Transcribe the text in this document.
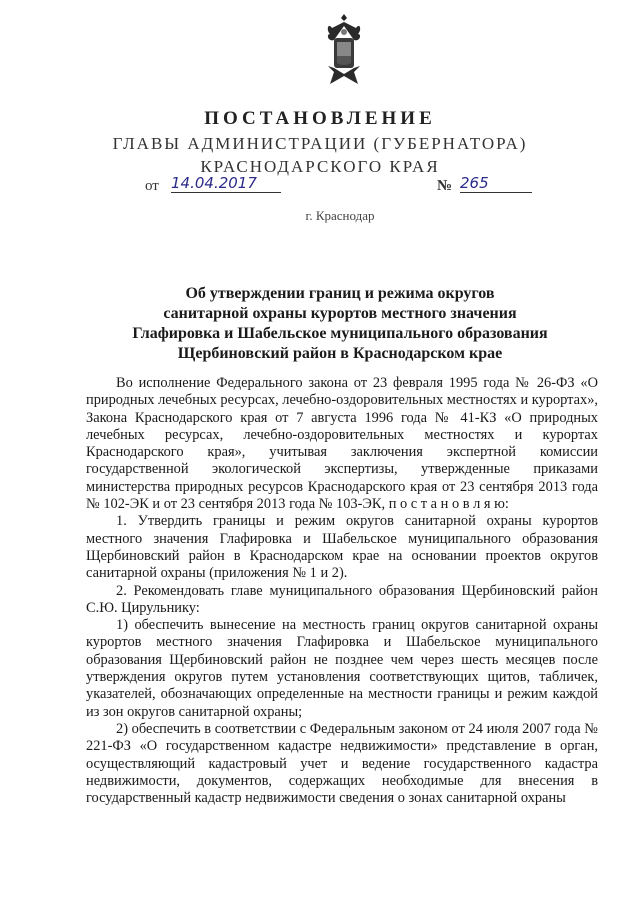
ПОСТАНОВЛЕНИЕ
ГЛАВЫ АДМИНИСТРАЦИИ (ГУБЕРНАТОРА)
КРАСНОДАРСКОГО КРАЯ
от 14.04.2017	№ 265
г. Краснодар
Об утверждении границ и режима округов
санитарной охраны курортов местного значения
Глафировка и Шабельское муниципального образования
Щербиновский район в Краснодарском крае

Во исполнение Федерального закона от 23 февраля 1995 года № 26-ФЗ «О природных лечебных ресурсах, лечебно-оздоровительных местностях и курортах», Закона Краснодарского края от 7 августа 1996 года № 41-КЗ «О природных лечебных ресурсах, лечебно-оздоровительных местностях и курортах Краснодарского края», учитывая заключения экспертной комиссии государственной экологической экспертизы, утвержденные приказами министерства природных ресурсов Краснодарского края от 23 сентября 2013 года № 102-ЭК и от 23 сентября 2013 года № 103-ЭК, п о с т а н о в л я ю:

1. Утвердить границы и режим округов санитарной охраны курортов местного значения Глафировка и Шабельское муниципального образования Щербиновский район в Краснодарском крае на основании проектов округов санитарной охраны (приложения № 1 и 2).

2. Рекомендовать главе муниципального образования Щербиновский район С.Ю. Цирульнику:

1) обеспечить вынесение на местность границ округов санитарной охраны курортов местного значения Глафировка и Шабельское муниципального образования Щербиновский район не позднее чем через шесть месяцев после утверждения округов путем установления соответствующих щитов, табличек, указателей, обозначающих определенные на местности границы и режим каждой из зон округов санитарной охраны;

2) обеспечить в соответствии с Федеральным законом от 24 июля 2007 года № 221-ФЗ «О государственном кадастре недвижимости» представление в орган, осуществляющий кадастровый учет и ведение государственного кадастра недвижимости, документов, содержащих необходимые для внесения в государственный кадастр недвижимости сведения о зонах санитарной охраны
